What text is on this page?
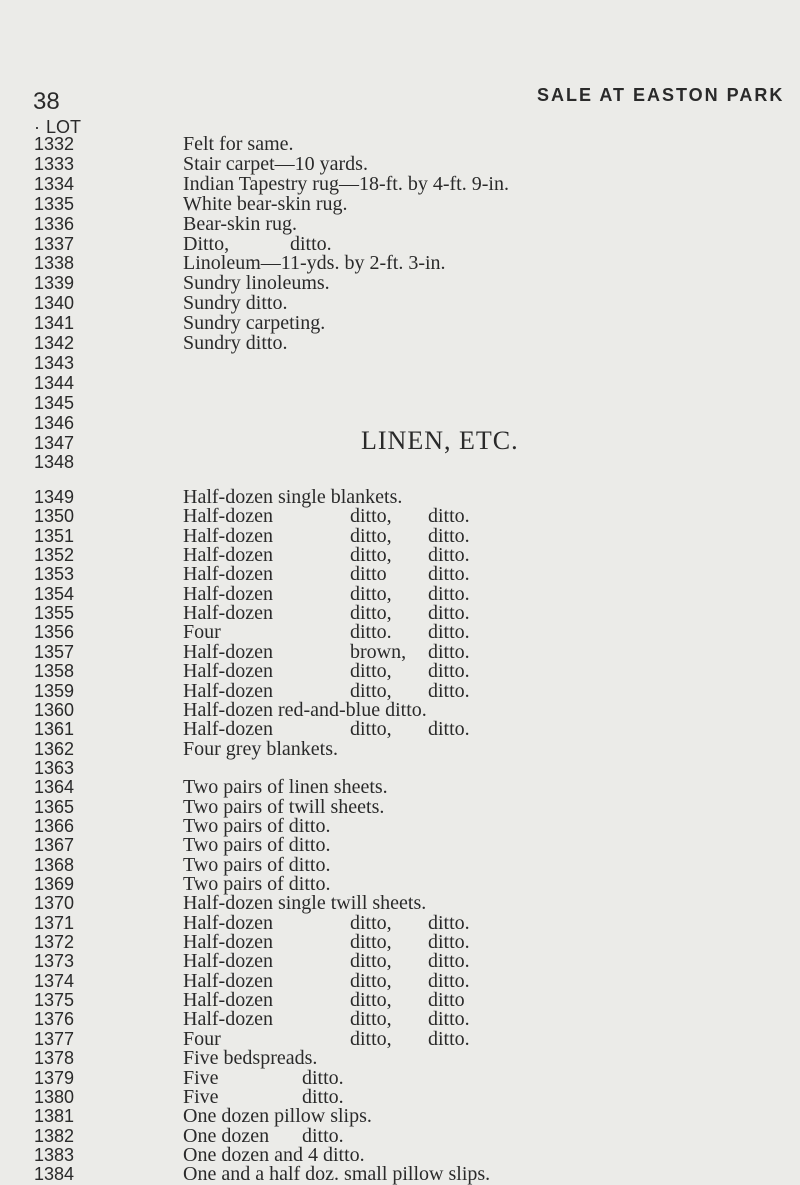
38	SALE AT EASTON PARK
· LOT
LINEN, ETC.
1332	Felt for same.
1333	Stair carpet—10 yards.
1334	Indian Tapestry rug—18-ft. by 4-ft. 9-in.
1335	White bear-skin rug.
1336	Bear-skin rug.
1337	Ditto,	ditto.
1338	Linoleum—11-yds. by 2-ft. 3-in.
1339	Sundry linoleums.
1340	Sundry ditto.
1341	Sundry carpeting.
1342	Sundry ditto.
1343
1344
1345
1346
1347
1348
1349	Half-dozen single blankets.
1350	Half-dozen	ditto, ditto.
1351	Half-dozen	ditto, ditto.
1352	Half-dozen	ditto, ditto.
1353	Half-dozen	ditto ditto.
1354	Half-dozen	ditto, ditto.
1355	Half-dozen	ditto, ditto.
1356	Four	ditto. ditto.
1357	Half-dozen	brown, ditto.
1358	Half-dozen	ditto, ditto.
1359	Half-dozen	ditto, ditto.
1360	Half-dozen red-and-blue ditto.
1361	Half-dozen	ditto, ditto.
1362	Four grey blankets.
1363
1364	Two pairs of linen sheets.
1365	Two pairs of twill sheets.
1366	Two pairs of ditto.
1367	Two pairs of ditto.
1368	Two pairs of ditto.
1369	Two pairs of ditto.
1370	Half-dozen single twill sheets.
1371	Half-dozen	ditto, ditto.
1372	Half-dozen	ditto, ditto.
1373	Half-dozen	ditto, ditto.
1374	Half-dozen	ditto, ditto.
1375	Half-dozen	ditto, ditto
1376	Half-dozen	ditto, ditto.
1377	Four	ditto, ditto.
1378	Five bedspreads.
1379	Five	ditto.
1380	Five	ditto.
1381	One dozen pillow slips.
1382	One dozen ditto.
1383	One dozen and 4 ditto.
1384	One and a half doz. small pillow slips.
